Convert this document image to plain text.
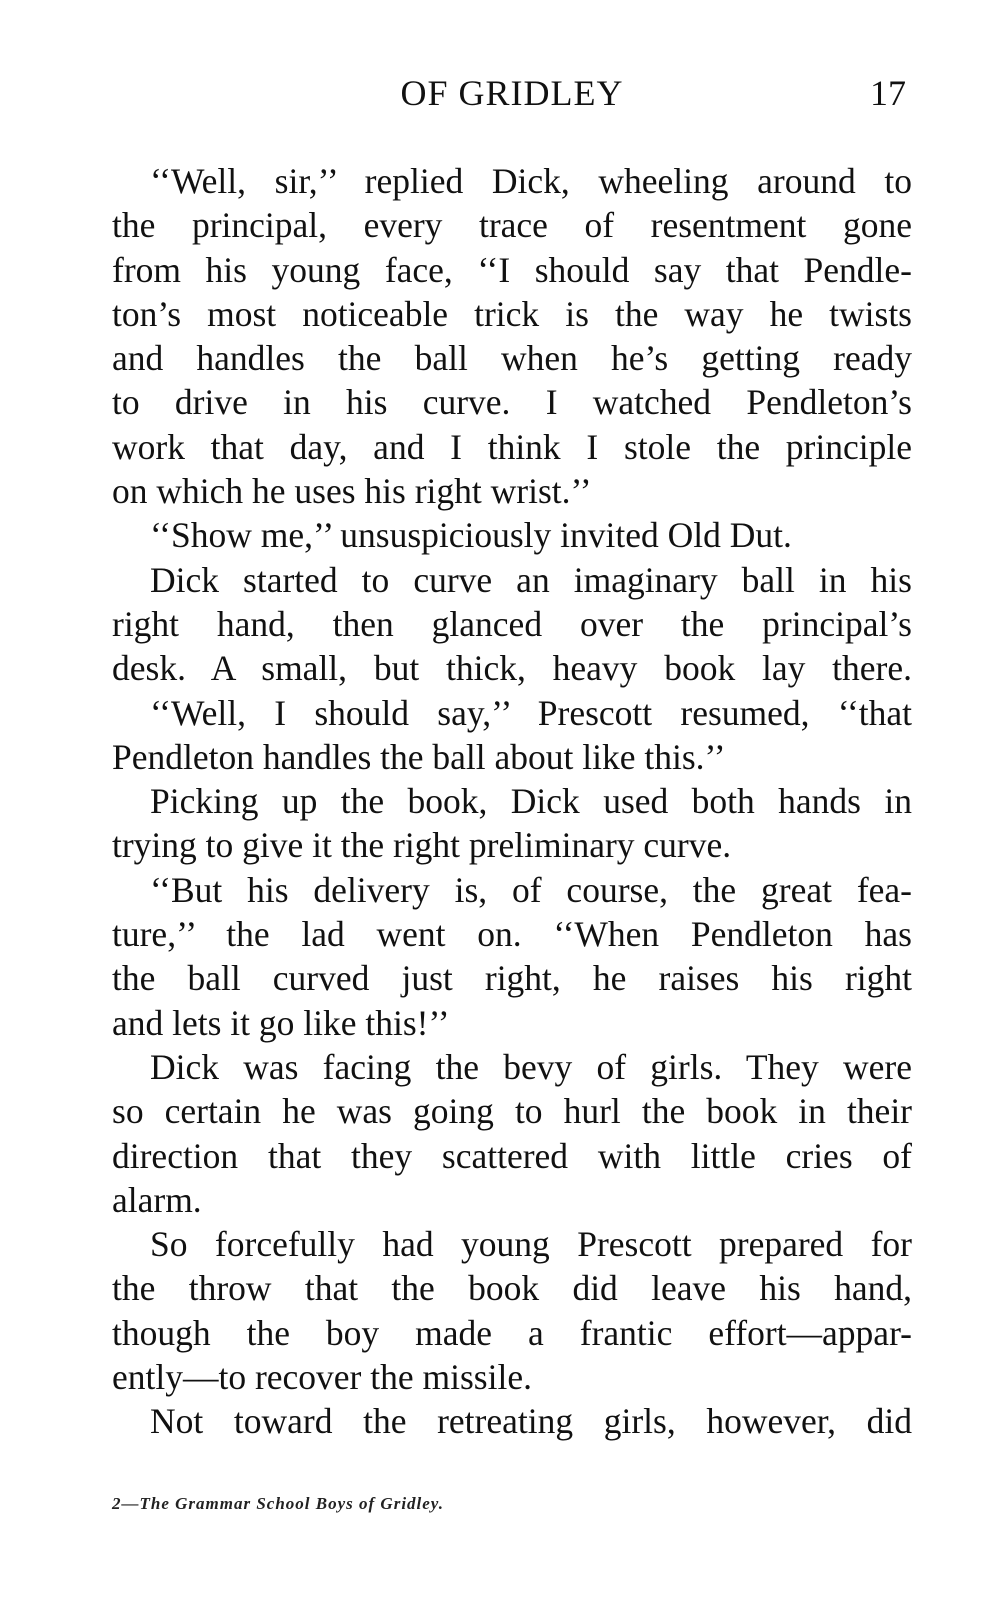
OF GRIDLEY	17
‘‘Well, sir,’’ replied Dick, wheeling around to
the principal, every trace of resentment gone
from his young face, ‘‘I should say that Pendle-
ton’s most noticeable trick is the way he twists
and handles the ball when he’s getting ready
to drive in his curve. I watched Pendleton’s
work that day, and I think I stole the principle
on which he uses his right wrist.’’
‘‘Show me,’’ unsuspiciously invited Old Dut.
Dick started to curve an imaginary ball in his
right hand, then glanced over the principal’s
desk. A small, but thick, heavy book lay there.
‘‘Well, I should say,’’ Prescott resumed, ‘‘that
Pendleton handles the ball about like this.’’
Picking up the book, Dick used both hands in
trying to give it the right preliminary curve.
‘‘But his delivery is, of course, the great fea-
ture,’’ the lad went on. ‘‘When Pendleton has
the ball curved just right, he raises his right
and lets it go like this!’’
Dick was facing the bevy of girls. They were
so certain he was going to hurl the book in their
direction that they scattered with little cries of
alarm.
So forcefully had young Prescott prepared for
the throw that the book did leave his hand,
though the boy made a frantic effort—appar-
ently—to recover the missile.
Not toward the retreating girls, however, did
2—The Grammar School Boys of Gridley.
